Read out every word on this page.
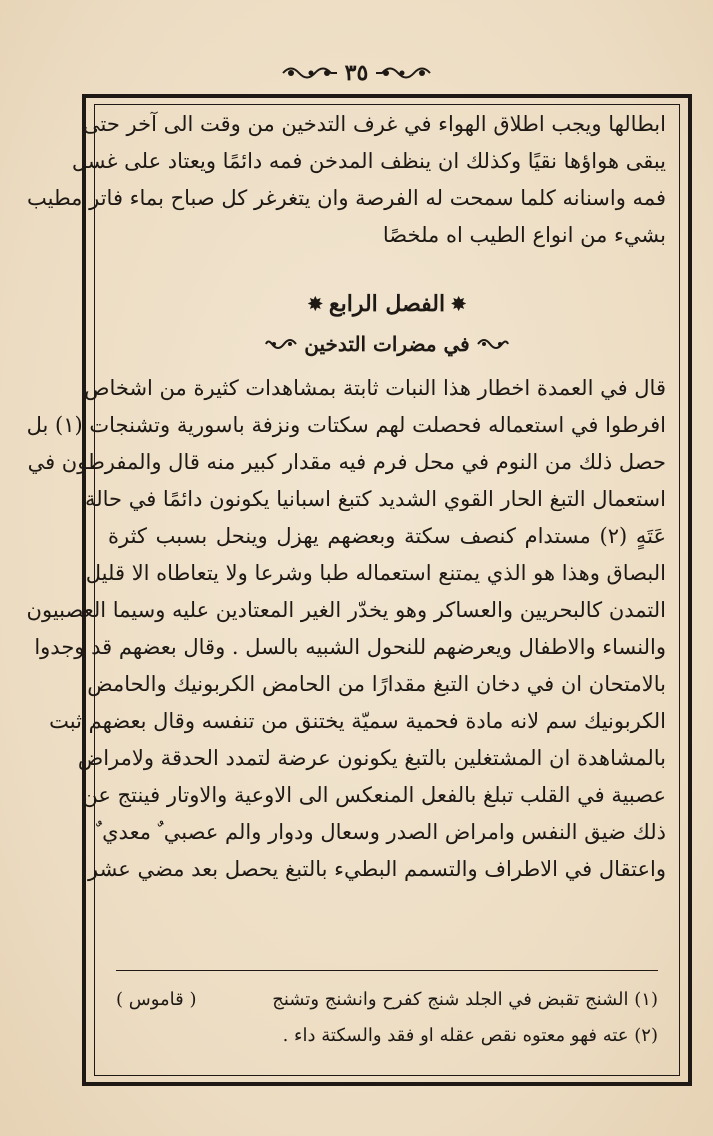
٣٥
ابطالها ويجب اطلاق الهواء في غرف التدخين من وقت الى آخر حتى
يبقى هواؤها نقيًا وكذلك ان ينظف المدخن فمه دائمًا ويعتاد على غسل
فمه واسنانه كلما سمحت له الفرصة وان يتغرغر كل صباح بماء فاتر مطيب
بشيء من انواع الطيب اه ملخصًا
✸
الفصل الرابع
✸
في مضرات التدخين
قال في العمدة اخطار هذا النبات ثابتة بمشاهدات كثيرة من اشخاص
افرطوا في استعماله فحصلت لهم سكتات ونزفة باسورية وتشنجات (١) بل
حصل ذلك من النوم في محل فرم فيه مقدار كبير منه قال والمفرطون في
استعمال التبغ الحار القوي الشديد كتبغ اسبانيا يكونون دائمًا في حالة
عَتَهٍ (٢) مستدام كنصف سكتة وبعضهم يهزل وينحل بسبب كثرة
البصاق وهذا هو الذي يمتنع استعماله طبا وشرعا ولا يتعاطاه الا قليل
التمدن كالبحريين والعساكر وهو يخدّر الغير المعتادين عليه وسيما العصبيون
والنساء والاطفال ويعرضهم للنحول الشبيه بالسل . وقال بعضهم قد وجدوا
بالامتحان ان في دخان التبغ مقدارًا من الحامض الكربونيك والحامض
الكربونيك سم لانه مادة فحمية سميّة يختنق من تنفسه وقال بعضهم ثبت
بالمشاهدة ان المشتغلين بالتبغ يكونون عرضة لتمدد الحدقة ولامراض
عصبية في القلب تبلغ بالفعل المنعكس الى الاوعية والاوتار فينتج عن
ذلك ضيق النفس وامراض الصدر وسعال ودوار والم عصبي ٌ معدي ٌ
واعتقال في الاطراف والتسمم البطيء بالتبغ يحصل بعد مضي عشر
(١) الشنج تقبض في الجلد شنج كفرح وانشنج وتشنج
( قاموس )
(٢) عته فهو معتوه نقص عقله او فقد والسكتة داء .
